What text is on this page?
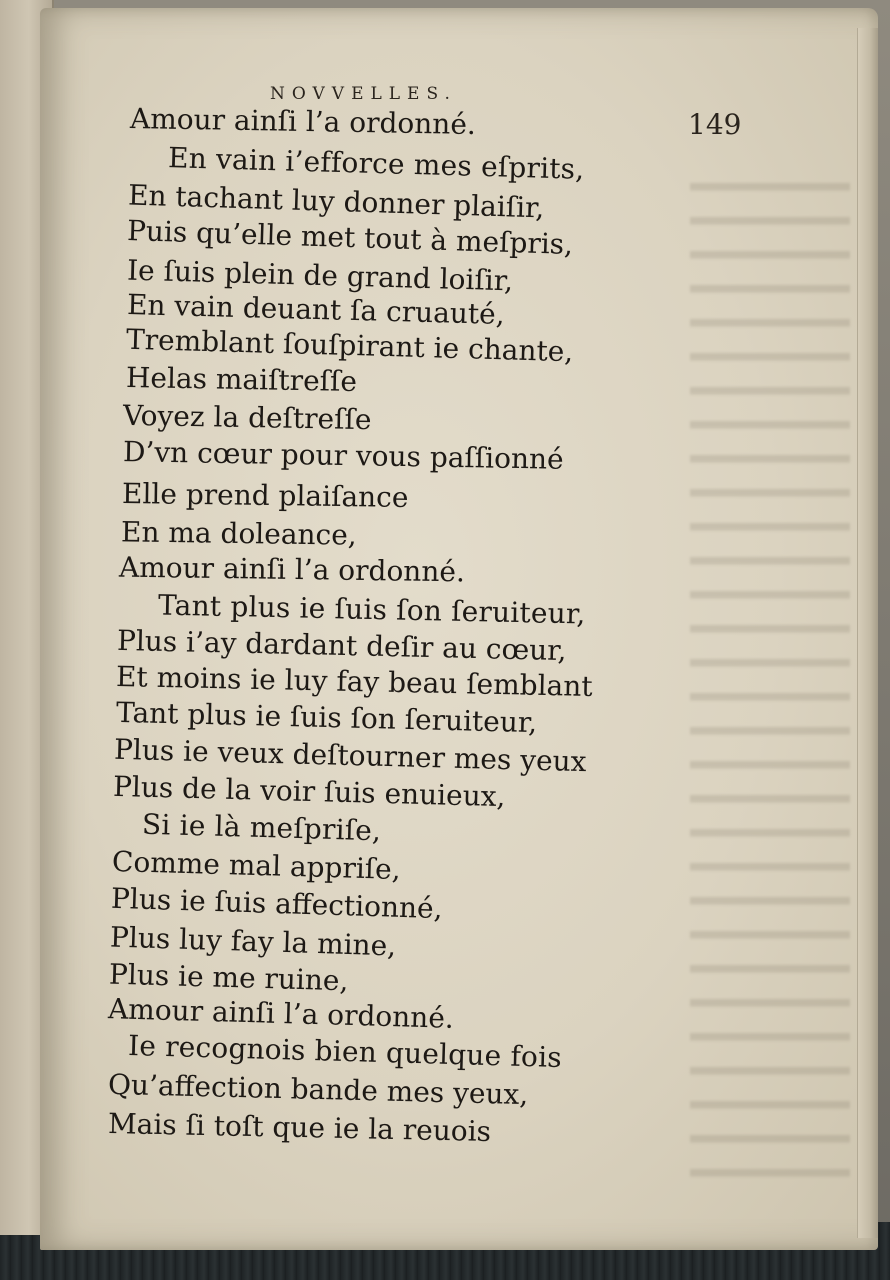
NOVVELLES.

149

Amour ainſi l’a ordonné.

En vain i’efforce mes eſprits,

En tachant luy donner plaiſir,

Puis qu’elle met tout à meſpris,

Ie ſuis plein de grand loiſir,

En vain deuant ſa cruauté,

Tremblant ſouſpirant ie chante,

Helas maiſtreſſe

Voyez la deſtreſſe

D’vn cœur pour vous paſſionné

Elle prend plaiſance

En ma doleance,

Amour ainſi l’a ordonné.

Tant plus ie ſuis ſon ſeruiteur,

Plus i’ay dardant deſir au cœur,

Et moins ie luy fay beau ſemblant

Tant plus ie ſuis ſon ſeruiteur,

Plus ie veux deſtourner mes yeux

Plus de la voir ſuis enuieux,

Si ie là meſpriſe,

Comme mal appriſe,

Plus ie ſuis affectionné,

Plus luy fay la mine,

Plus ie me ruine,

Amour ainſi l’a ordonné.

Ie recognois bien quelque fois

Qu’affection bande mes yeux,

Mais ſi toſt que ie la reuois
